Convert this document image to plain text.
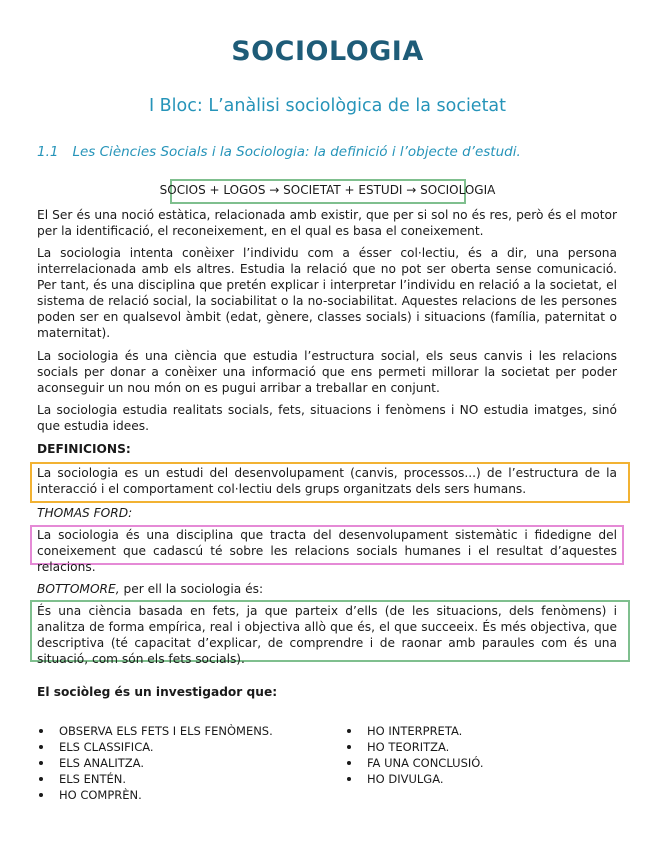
SOCIOLOGIA
I Bloc: L’anàlisi sociològica de la societat
1.1 Les Ciències Socials i la Sociologia: la definició i l’objecte d’estudi.
SOCIOS + LOGOS → SOCIETAT + ESTUDI → SOCIOLOGIA

El Ser és una noció estàtica, relacionada amb existir, que per si sol no és res, però és el motor per la identificació, el reconeixement, en el qual es basa el coneixement.

La sociologia intenta conèixer l’individu com a ésser col·lectiu, és a dir, una persona interrelacionada amb els altres. Estudia la relació que no pot ser oberta sense comunicació. Per tant, és una disciplina que pretén explicar i interpretar l’individu en relació a la societat, el sistema de relació social, la sociabilitat o la no-sociabilitat. Aquestes relacions de les persones poden ser en qualsevol àmbit (edat, gènere, classes socials) i situacions (família, paternitat o maternitat).

La sociologia és una ciència que estudia l’estructura social, els seus canvis i les relacions socials per donar a conèixer una informació que ens permeti millorar la societat per poder aconseguir un nou món on es pugui arribar a treballar en conjunt.

La sociologia estudia realitats socials, fets, situacions i fenòmens i NO estudia imatges, sinó que estudia idees.

DEFINICIONS:

La sociologia es un estudi del desenvolupament (canvis, processos...) de l’estructura de la interacció i el comportament col·lectiu dels grups organitzats dels sers humans.

THOMAS FORD:

La sociologia és una disciplina que tracta del desenvolupament sistemàtic i fidedigne del coneixement que cadascú té sobre les relacions socials humanes i el resultat d’aquestes relacions.

BOTTOMORE, per ell la sociologia és:

És una ciència basada en fets, ja que parteix d’ells (de les situacions, dels fenòmens) i analitza de forma empírica, real i objectiva allò que és, el que succeeix. És més objectiva, que descriptiva (té capacitat d’explicar, de comprendre i de raonar amb paraules com és una situació, com són els fets socials).

El sociòleg és un investigador que:
OBSERVA ELS FETS I ELS FENÒMENS.
ELS CLASSIFICA.
ELS ANALITZA.
ELS ENTÉN.
HO COMPRÈN.
HO INTERPRETA.
HO TEORITZA.
FA UNA CONCLUSIÓ.
HO DIVULGA.
